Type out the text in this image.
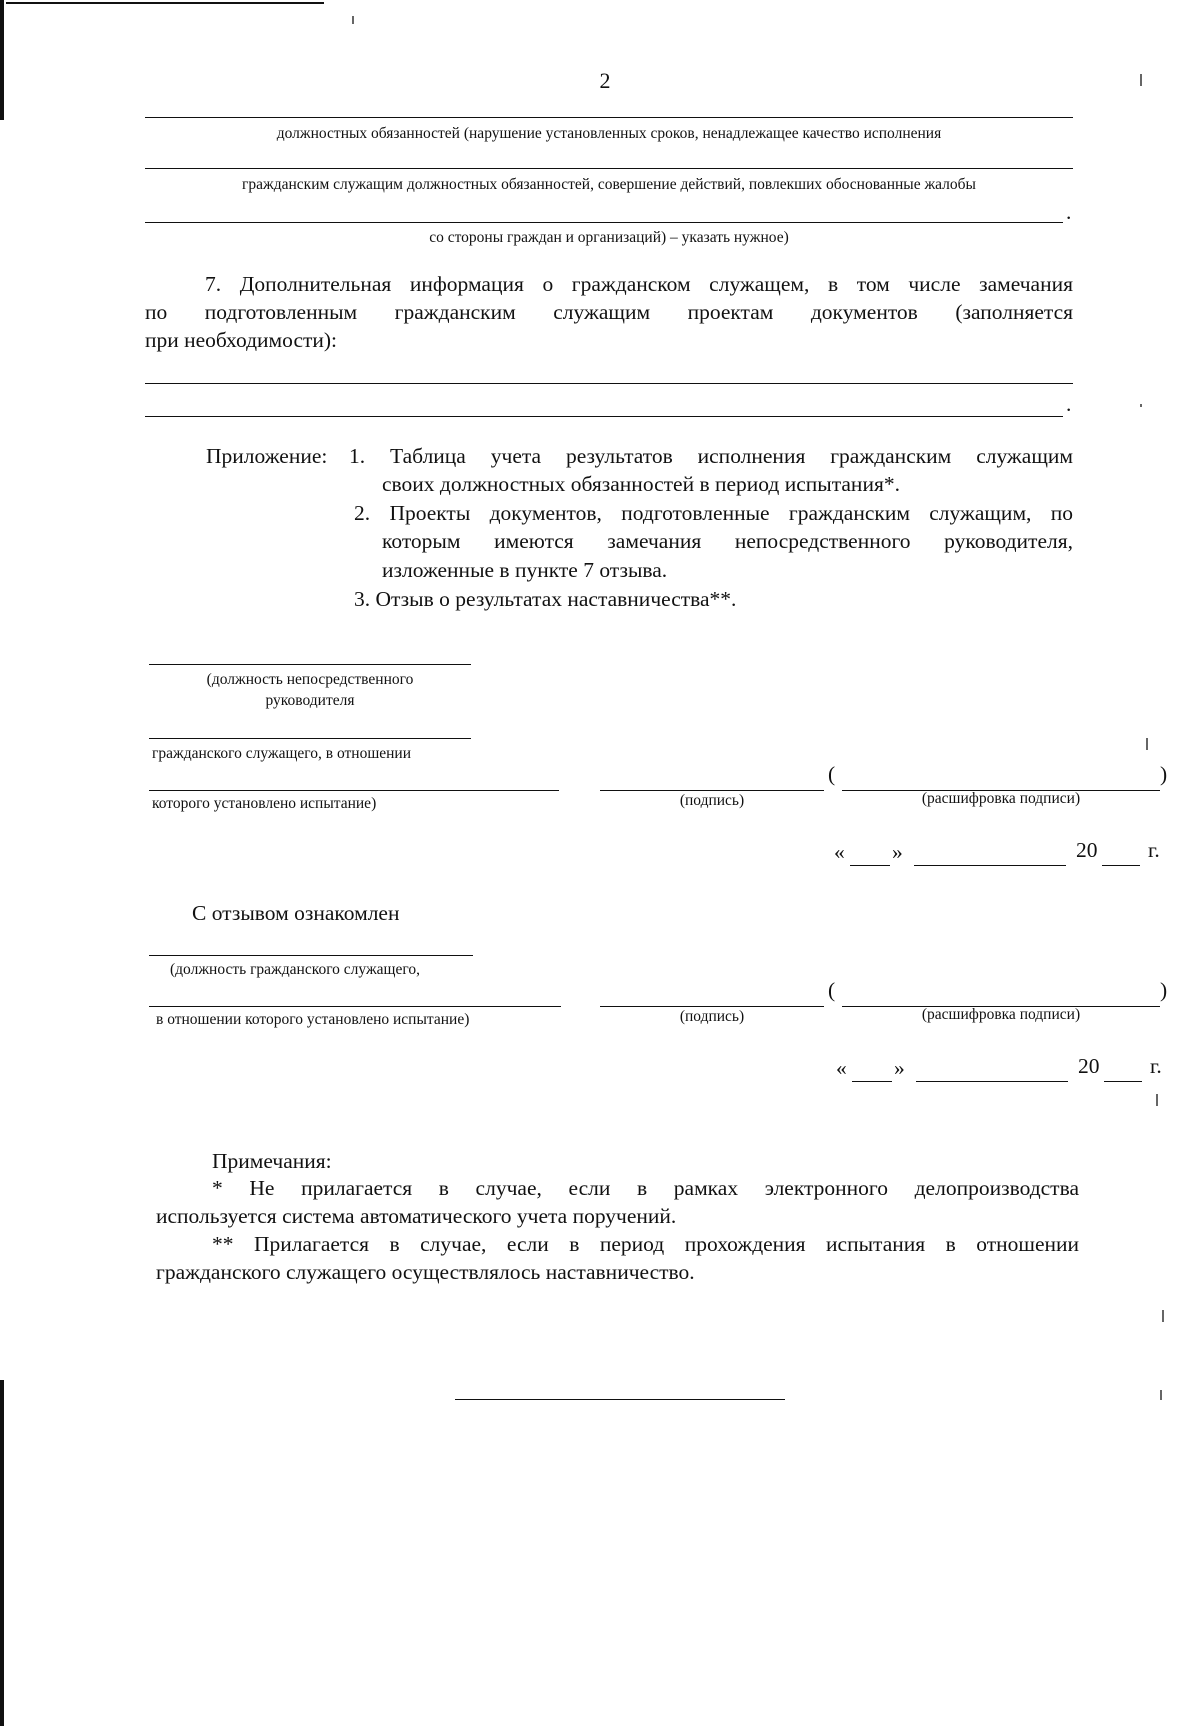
2
должностных обязанностей (нарушение установленных сроков, ненадлежащее качество исполнения
гражданским служащим должностных обязанностей, совершение действий, повлекших обоснованные жалобы
.
со стороны граждан и организаций) – указать нужное)
7. Дополнительная информация о гражданском служащем, в том числе замечания
по подготовленным гражданским служащим проектам документов (заполняется
при необходимости):
.
Приложение: 1. Таблица учета результатов исполнения гражданским служащим
своих должностных обязанностей в период испытания*.
2. Проекты документов, подготовленные гражданским служащим, по
которым имеются замечания непосредственного руководителя,
изложенные в пункте 7 отзыва.
3. Отзыв о результатах наставничества**.
(должность непосредственного
руководителя
гражданского служащего, в отношении
которого установлено испытание)	(подпись)
(	)
(расшифровка подписи)
« »	20 г.
С отзывом ознакомлен
(должность гражданского служащего,
в отношении которого установлено испытание)	(подпись)
(	)
(расшифровка подписи)
« »	20 г.
Примечания:
* Не прилагается в случае, если в рамках электронного делопроизводства
используется система автоматического учета поручений.
** Прилагается в случае, если в период прохождения испытания в отношении
гражданского служащего осуществлялось наставничество.
